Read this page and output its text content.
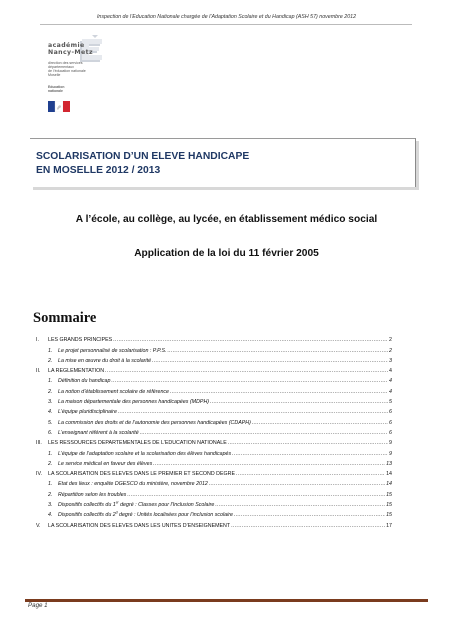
Inspection de l’Education Nationale chargée de l’Adaptation Scolaire et du Handicap (ASH 57) novembre 2012
académie
Nancy-Metz
direction des services
départementaux
de l’éducation nationale
Moselle
Education
nationale
SCOLARISATION D’UN ELEVE HANDICAPE
EN MOSELLE 2012 / 2013
A l’école, au collège, au lycée, en établissement médico social
Application de la loi du 11 février 2005
Sommaire
I.	LES GRANDS PRINCIPES .....	2
1.	Le projet personnalisé de scolarisation : P.P.S. .....	2
2.	La mise en œuvre du droit à la scolarité .....	3
II.	LA REGLEMENTATION .....	4
1.	Définition du handicap .....	4
2.	La notion d’établissement scolaire de référence .....	4
3.	La maison départementale des personnes handicapées (MDPH) .....	5
4.	L’équipe pluridisciplinaire .....	6
5.	La commission des droits et de l’autonomie des personnes handicapées (CDAPH) .....	6
6.	L’enseignant référent à la scolarité .....	6
III.	LES RESSOURCES DEPARTEMENTALES DE L’EDUCATION NATIONALE .....	9
1.	L’équipe de l’adaptation scolaire et la scolarisation des élèves handicapés .....	9
2.	Le service médical en faveur des élèves .....	13
IV.	LA SCOLARISATION DES ELEVES DANS LE PREMIER ET SECOND DEGRE .....	14
1.	Etat des lieux : enquête DGESCO du ministère, novembre 2012 .....	14
2.	Répartition selon les troubles .....	15
3.	Dispositifs collectifs du 1er degré : Classes pour l’Inclusion Scolaire .....	15
4.	Dispositifs collectifs du 2$^d$ degré : Unités localisées pour l’inclusion scolaire .....	15
V.	LA SCOLARISATION DES ELEVES DANS LES UNITES D’ENSEIGNEMENT .....	17
Page 1
